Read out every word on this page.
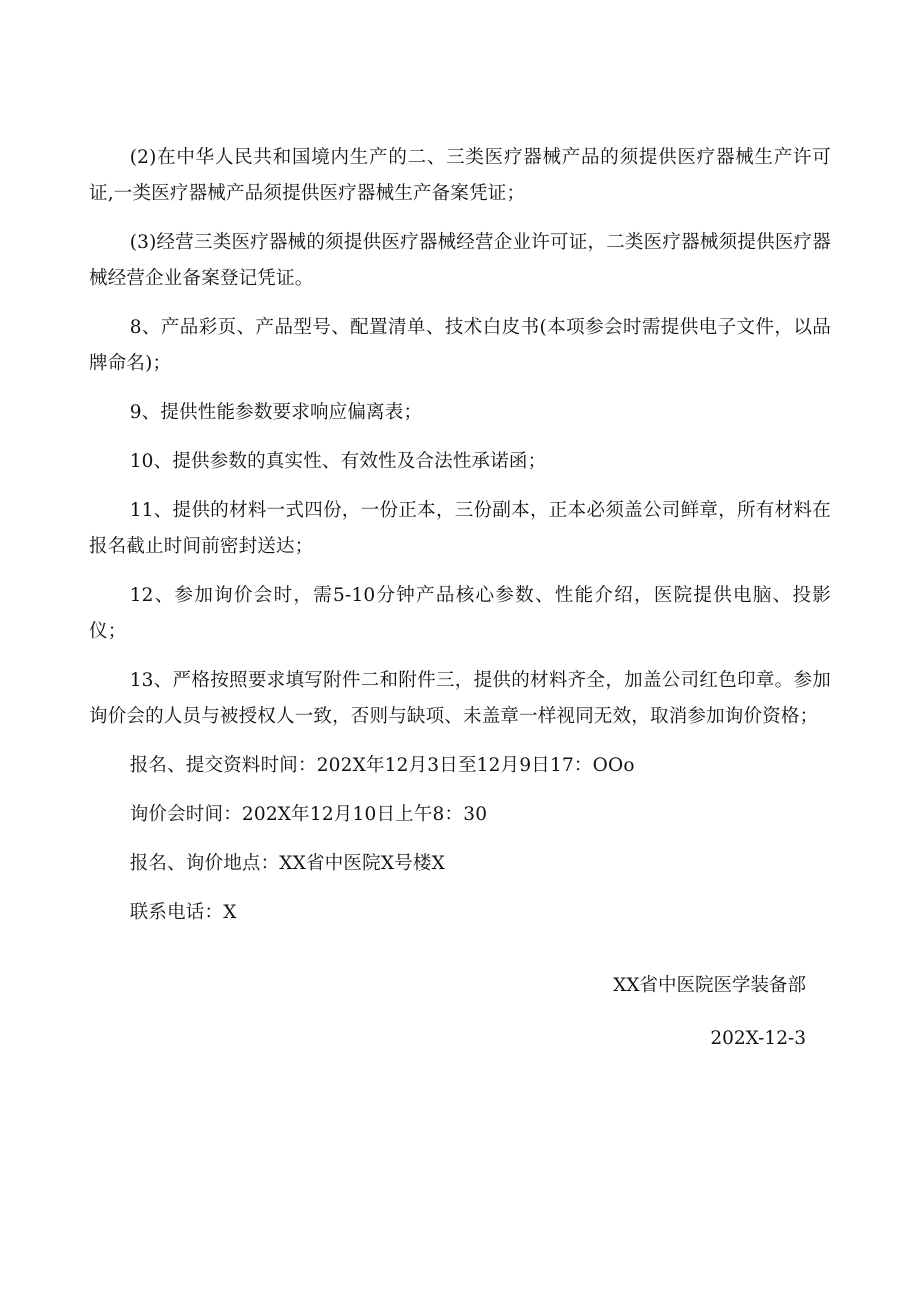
(2)在中华人民共和国境内生产的二、三类医疗器械产品的须提供医疗器械生产许可证,一类医疗器械产品须提供医疗器械生产备案凭证；

(3)经营三类医疗器械的须提供医疗器械经营企业许可证，二类医疗器械须提供医疗器械经营企业备案登记凭证。

8、产品彩页、产品型号、配置清单、技术白皮书(本项参会时需提供电子文件，以品牌命名)；

9、提供性能参数要求响应偏离表；

10、提供参数的真实性、有效性及合法性承诺函；

11、提供的材料一式四份，一份正本，三份副本，正本必须盖公司鲜章，所有材料在报名截止时间前密封送达；

12、参加询价会时，需5-10分钟产品核心参数、性能介绍，医院提供电脑、投影仪；

13、严格按照要求填写附件二和附件三，提供的材料齐全，加盖公司红色印章。参加询价会的人员与被授权人一致，否则与缺项、未盖章一样视同无效，取消参加询价资格；

报名、提交资料时间：202X年12月3日至12月9日17：OOo

询价会时间：202X年12月10日上午8：30

报名、询价地点：XX省中医院X号楼X

联系电话：X

XX省中医院医学装备部
202X-12-3
